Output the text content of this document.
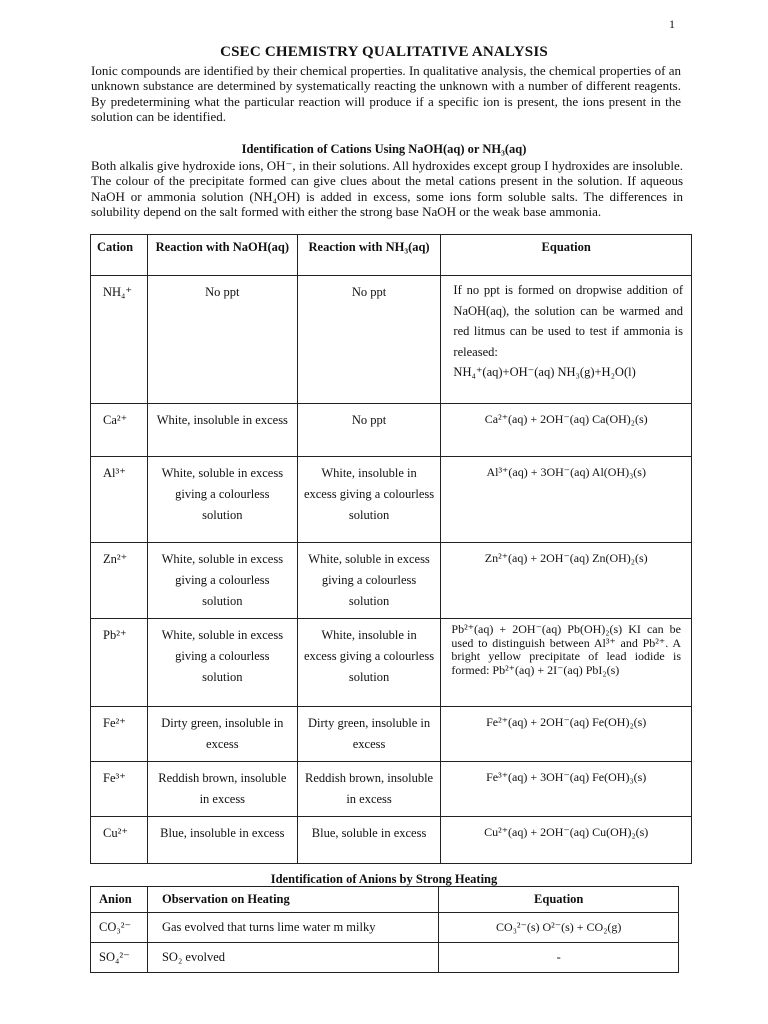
1
CSEC CHEMISTRY QUALITATIVE ANALYSIS
Ionic compounds are identified by their chemical properties. In qualitative analysis, the chemical properties of an unknown substance are determined by systematically reacting the unknown with a number of different reagents. By predetermining what the particular reaction will produce if a specific ion is present, the ions present in the solution can be identified.
Identification of Cations Using NaOH(aq) or NH₃(aq)
Both alkalis give hydroxide ions, OH⁻, in their solutions. All hydroxides except group I hydroxides are insoluble. The colour of the precipitate formed can give clues about the metal cations present in the solution. If aqueous NaOH or ammonia solution (NH₄OH) is added in excess, some ions form soluble salts. The differences in solubility depend on the salt formed with either the strong base NaOH or the weak base ammonia.
Cation	Reaction with NaOH(aq)	Reaction with NH₃(aq)	Equation
NH₄⁺	No ppt	No ppt	If no ppt is formed on dropwise addition of NaOH(aq), the solution can be warmed and red litmus can be used to test if ammonia is released:
NH₄⁺(aq)+OH⁻(aq) NH₃(g)+H₂O(l)

Ca²⁺	White, insoluble in excess	No ppt	Ca²⁺(aq) + 2OH⁻(aq) Ca(OH)₂(s)
Al³⁺	White, soluble in excess giving a colourless solution	White, insoluble in excess giving a colourless solution	Al³⁺(aq) + 3OH⁻(aq) Al(OH)₃(s)
Zn²⁺	White, soluble in excess giving a colourless solution	White, soluble in excess giving a colourless solution	Zn²⁺(aq) + 2OH⁻(aq) Zn(OH)₂(s)
Pb²⁺	White, soluble in excess giving a colourless solution	White, insoluble in excess giving a colourless solution	Pb²⁺(aq) + 2OH⁻(aq) Pb(OH)₂(s) KI can be used to distinguish between Al³⁺ and Pb²⁺. A bright yellow precipitate of lead iodide is formed: Pb²⁺(aq) + 2I⁻(aq) PbI₂(s)
Fe²⁺	Dirty green, insoluble in excess	Dirty green, insoluble in excess	Fe²⁺(aq) + 2OH⁻(aq) Fe(OH)₂(s)
Fe³⁺	Reddish brown, insoluble in excess	Reddish brown, insoluble in excess	Fe³⁺(aq) + 3OH⁻(aq) Fe(OH)₃(s)
Cu²⁺	Blue, insoluble in excess	Blue, soluble in excess	Cu²⁺(aq) + 2OH⁻(aq) Cu(OH)₂(s)
Identification of Anions by Strong Heating
Anion	Observation on Heating	Equation
CO₃²⁻	Gas evolved that turns lime water m milky	CO₃²⁻(s) O²⁻(s) + CO₂(g)
SO₄²⁻	SO₂ evolved	-
